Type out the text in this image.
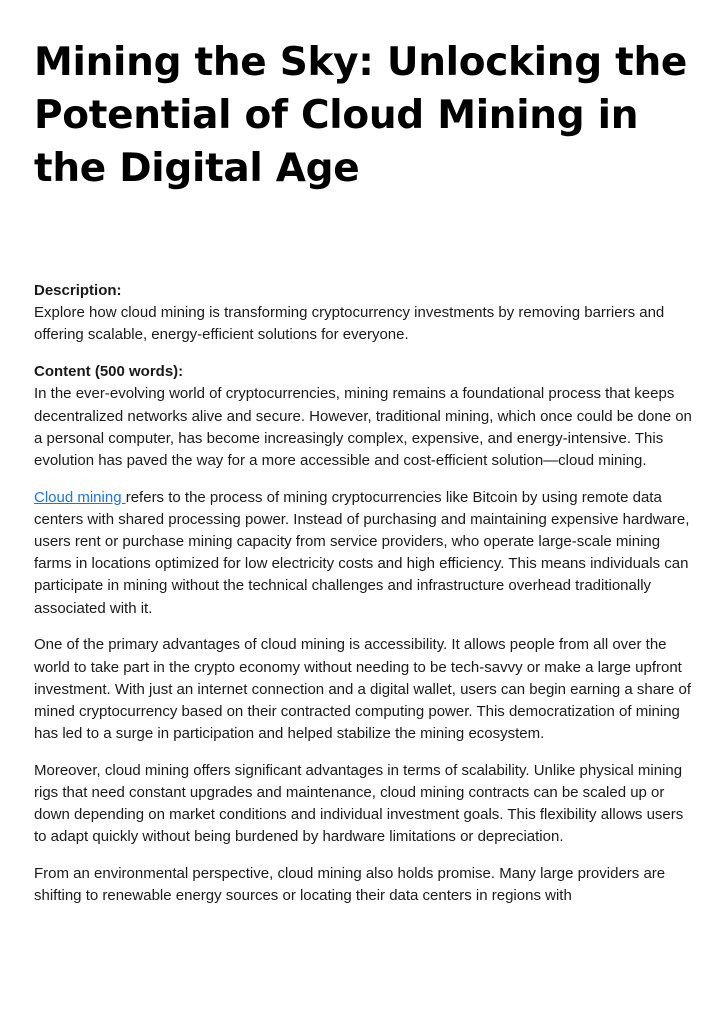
Mining the Sky: Unlocking the Potential of Cloud Mining in the Digital Age
Description:
Explore how cloud mining is transforming cryptocurrency investments by removing barriers and offering scalable, energy-efficient solutions for everyone.
Content (500 words):
In the ever-evolving world of cryptocurrencies, mining remains a foundational process that keeps decentralized networks alive and secure. However, traditional mining, which once could be done on a personal computer, has become increasingly complex, expensive, and energy-intensive. This evolution has paved the way for a more accessible and cost-efficient solution—cloud mining.
Cloud mining refers to the process of mining cryptocurrencies like Bitcoin by using remote data centers with shared processing power. Instead of purchasing and maintaining expensive hardware, users rent or purchase mining capacity from service providers, who operate large-scale mining farms in locations optimized for low electricity costs and high efficiency. This means individuals can participate in mining without the technical challenges and infrastructure overhead traditionally associated with it.
One of the primary advantages of cloud mining is accessibility. It allows people from all over the world to take part in the crypto economy without needing to be tech-savvy or make a large upfront investment. With just an internet connection and a digital wallet, users can begin earning a share of mined cryptocurrency based on their contracted computing power. This democratization of mining has led to a surge in participation and helped stabilize the mining ecosystem.
Moreover, cloud mining offers significant advantages in terms of scalability. Unlike physical mining rigs that need constant upgrades and maintenance, cloud mining contracts can be scaled up or down depending on market conditions and individual investment goals. This flexibility allows users to adapt quickly without being burdened by hardware limitations or depreciation.
From an environmental perspective, cloud mining also holds promise. Many large providers are shifting to renewable energy sources or locating their data centers in regions with
